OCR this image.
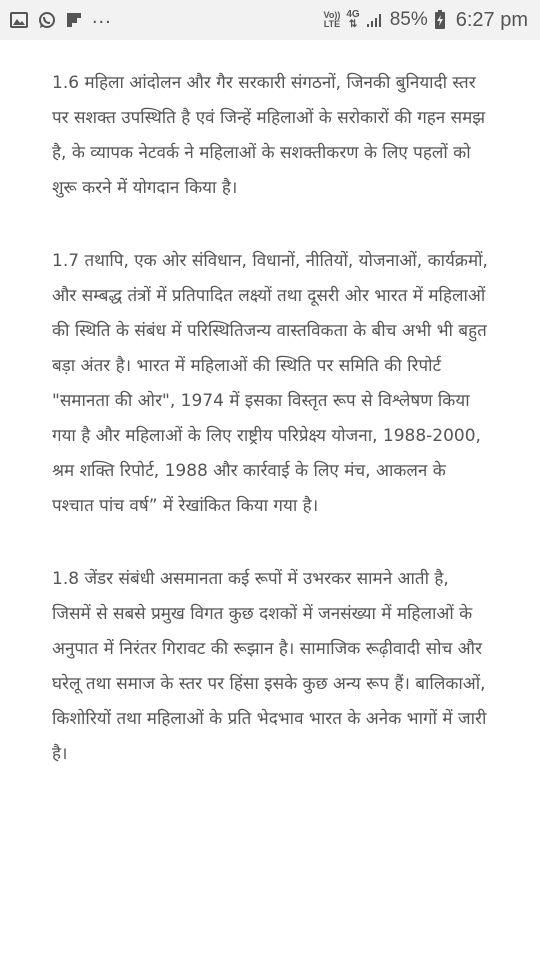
...	Vo))
LTE
4G
⇅ 85% 6:27 pm

1.6 महिला आंदोलन और गैर सरकारी संगठनों, जिनकी बुनियादी स्तर पर सशक्त उपस्थिति है एवं जिन्हें महिलाओं के सरोकारों की गहन समझ है, के व्यापक नेटवर्क ने महिलाओं के सशक्तीकरण के लिए पहलों को शुरू करने में योगदान किया है।

1.7 तथापि, एक ओर संविधान, विधानों, नीतियों, योजनाओं, कार्यक्रमों, और सम्बद्ध तंत्रों में प्रतिपादित लक्ष्यों तथा दूसरी ओर भारत में महिलाओं की स्थिति के संबंध में परिस्थितिजन्य वास्तविकता के बीच अभी भी बहुत बड़ा अंतर है। भारत में महिलाओं की स्थिति पर समिति की रिपोर्ट "समानता की ओर", 1974 में इसका विस्तृत रूप से विश्लेषण किया गया है और महिलाओं के लिए राष्ट्रीय परिप्रेक्ष्य योजना, 1988-2000, श्रम शक्ति रिपोर्ट, 1988 और कार्रवाई के लिए मंच, आकलन के पश्चात पांच वर्ष” में रेखांकित किया गया है।

1.8 जेंडर संबंधी असमानता कई रूपों में उभरकर सामने आती है, जिसमें से सबसे प्रमुख विगत कुछ दशकों में जनसंख्या में महिलाओं के अनुपात में निरंतर गिरावट की रूझान है। सामाजिक रूढ़ीवादी सोच और घरेलू तथा समाज के स्तर पर हिंसा इसके कुछ अन्य रूप हैं। बालिकाओं, किशोरियों तथा महिलाओं के प्रति भेदभाव भारत के अनेक भागों में जारी है।
